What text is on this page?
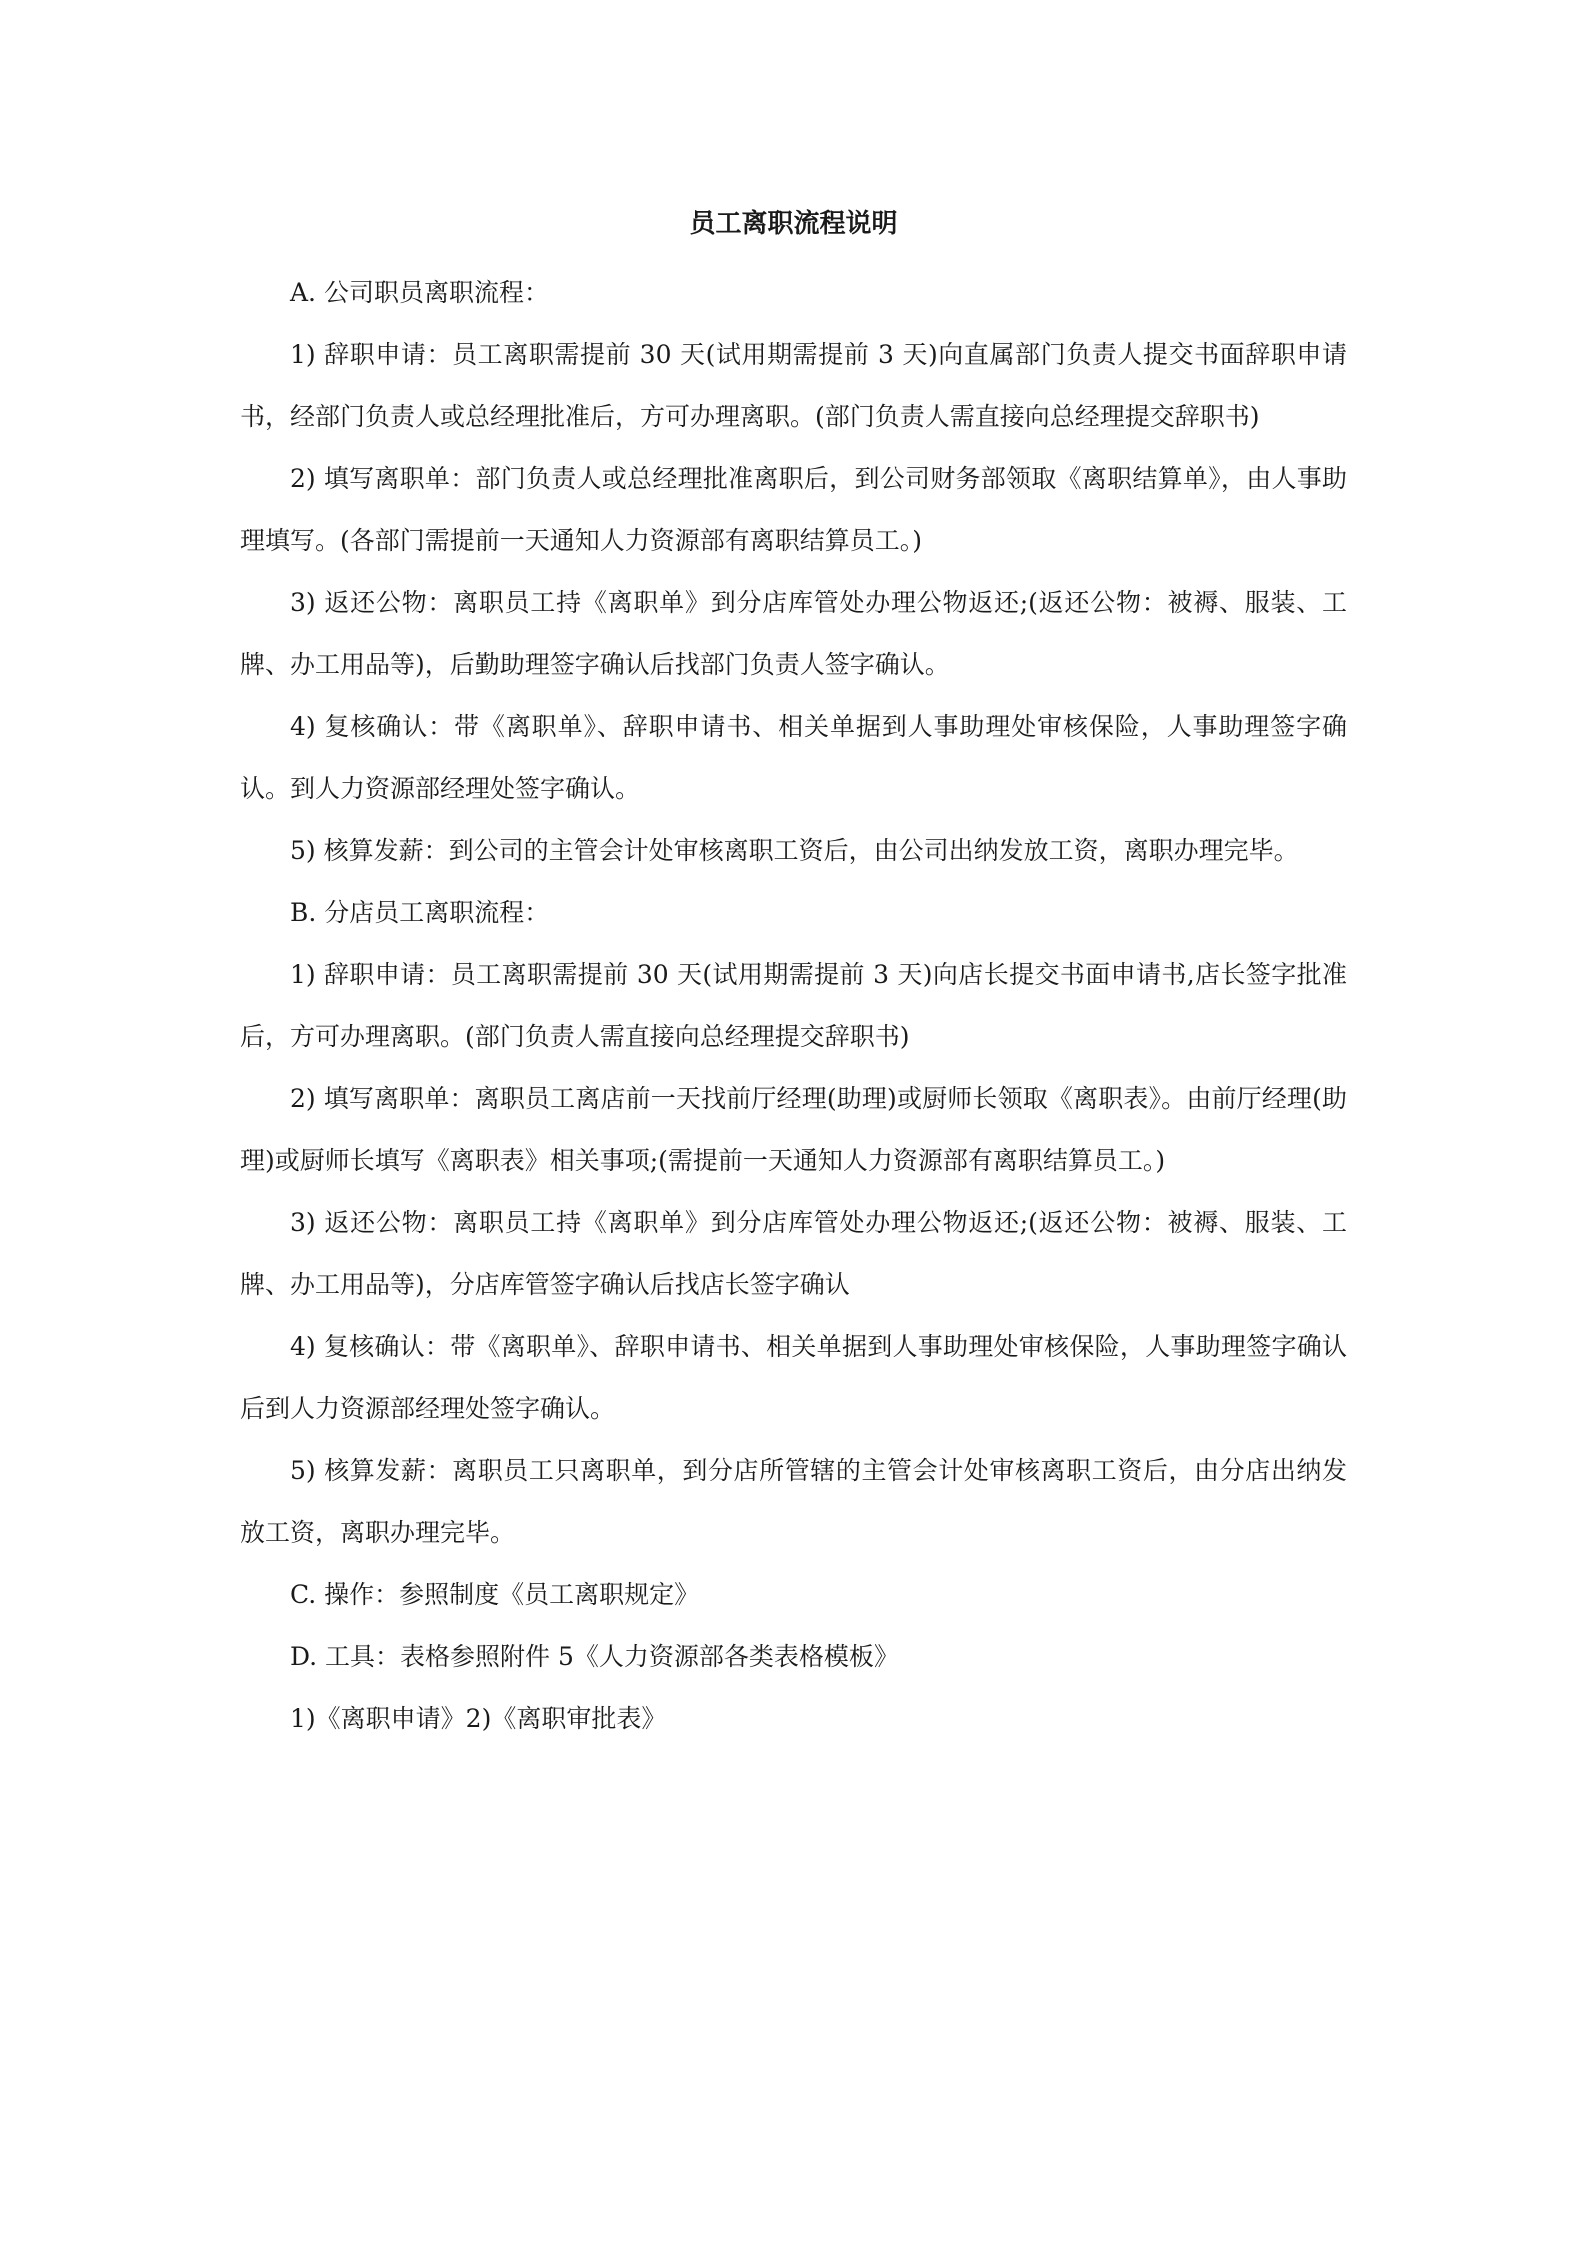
员工离职流程说明

A. 公司职员离职流程：

1) 辞职申请：员工离职需提前 30 天(试用期需提前 3 天)向直属部门负责人提交书面辞职申请书，经部门负责人或总经理批准后，方可办理离职。(部门负责人需直接向总经理提交辞职书)

2) 填写离职单：部门负责人或总经理批准离职后，到公司财务部领取《离职结算单》，由人事助理填写。(各部门需提前一天通知人力资源部有离职结算员工。)

3) 返还公物：离职员工持《离职单》到分店库管处办理公物返还;(返还公物：被褥、服装、工牌、办工用品等)，后勤助理签字确认后找部门负责人签字确认。

4) 复核确认：带《离职单》、辞职申请书、相关单据到人事助理处审核保险，人事助理签字确认。到人力资源部经理处签字确认。

5) 核算发薪：到公司的主管会计处审核离职工资后，由公司出纳发放工资，离职办理完毕。

B. 分店员工离职流程：

1) 辞职申请：员工离职需提前 30 天(试用期需提前 3 天)向店长提交书面申请书,店长签字批准后，方可办理离职。(部门负责人需直接向总经理提交辞职书)

2) 填写离职单：离职员工离店前一天找前厅经理(助理)或厨师长领取《离职表》。由前厅经理(助理)或厨师长填写《离职表》相关事项;(需提前一天通知人力资源部有离职结算员工。)

3) 返还公物：离职员工持《离职单》到分店库管处办理公物返还;(返还公物：被褥、服装、工牌、办工用品等)，分店库管签字确认后找店长签字确认

4) 复核确认：带《离职单》、辞职申请书、相关单据到人事助理处审核保险，人事助理签字确认后到人力资源部经理处签字确认。

5) 核算发薪：离职员工只离职单，到分店所管辖的主管会计处审核离职工资后，由分店出纳发放工资，离职办理完毕。

C. 操作：参照制度《员工离职规定》

D. 工具：表格参照附件 5《人力资源部各类表格模板》

1)《离职申请》2)《离职审批表》
